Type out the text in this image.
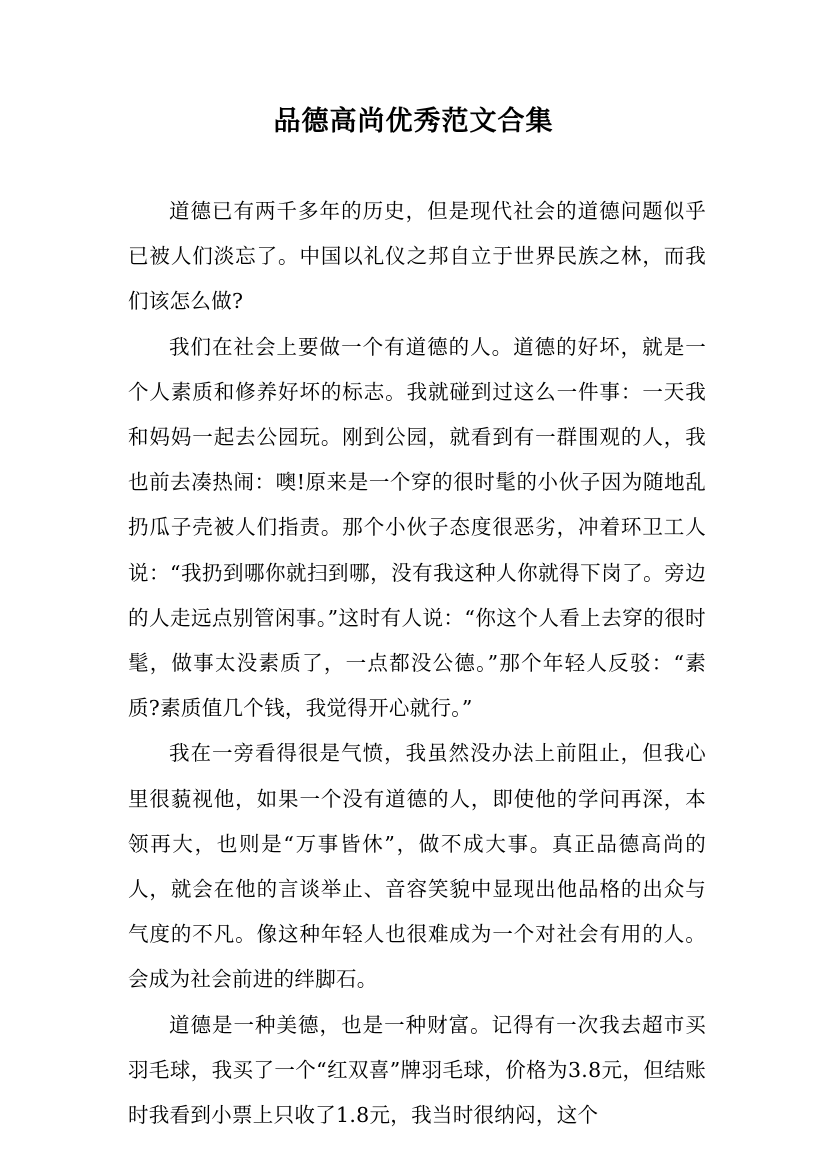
品德高尚优秀范文合集

道德已有两千多年的历史，但是现代社会的道德问题似乎已被人们淡忘了。中国以礼仪之邦自立于世界民族之林，而我们该怎么做?

我们在社会上要做一个有道德的人。道德的好坏，就是一个人素质和修养好坏的标志。我就碰到过这么一件事：一天我和妈妈一起去公园玩。刚到公园，就看到有一群围观的人，我也前去凑热闹：噢!原来是一个穿的很时髦的小伙子因为随地乱扔瓜子壳被人们指责。那个小伙子态度很恶劣，冲着环卫工人说：“我扔到哪你就扫到哪，没有我这种人你就得下岗了。旁边的人走远点别管闲事。”这时有人说：“你这个人看上去穿的很时髦，做事太没素质了，一点都没公德。”那个年轻人反驳：“素质?素质值几个钱，我觉得开心就行。”

我在一旁看得很是气愤，我虽然没办法上前阻止，但我心里很藐视他，如果一个没有道德的人，即使他的学问再深，本领再大，也则是“万事皆休”，做不成大事。真正品德高尚的人，就会在他的言谈举止、音容笑貌中显现出他品格的出众与气度的不凡。像这种年轻人也很难成为一个对社会有用的人。会成为社会前进的绊脚石。

道德是一种美德，也是一种财富。记得有一次我去超市买羽毛球，我买了一个“红双喜”牌羽毛球，价格为3.8元，但结账时我看到小票上只收了1.8元，我当时很纳闷，这个
